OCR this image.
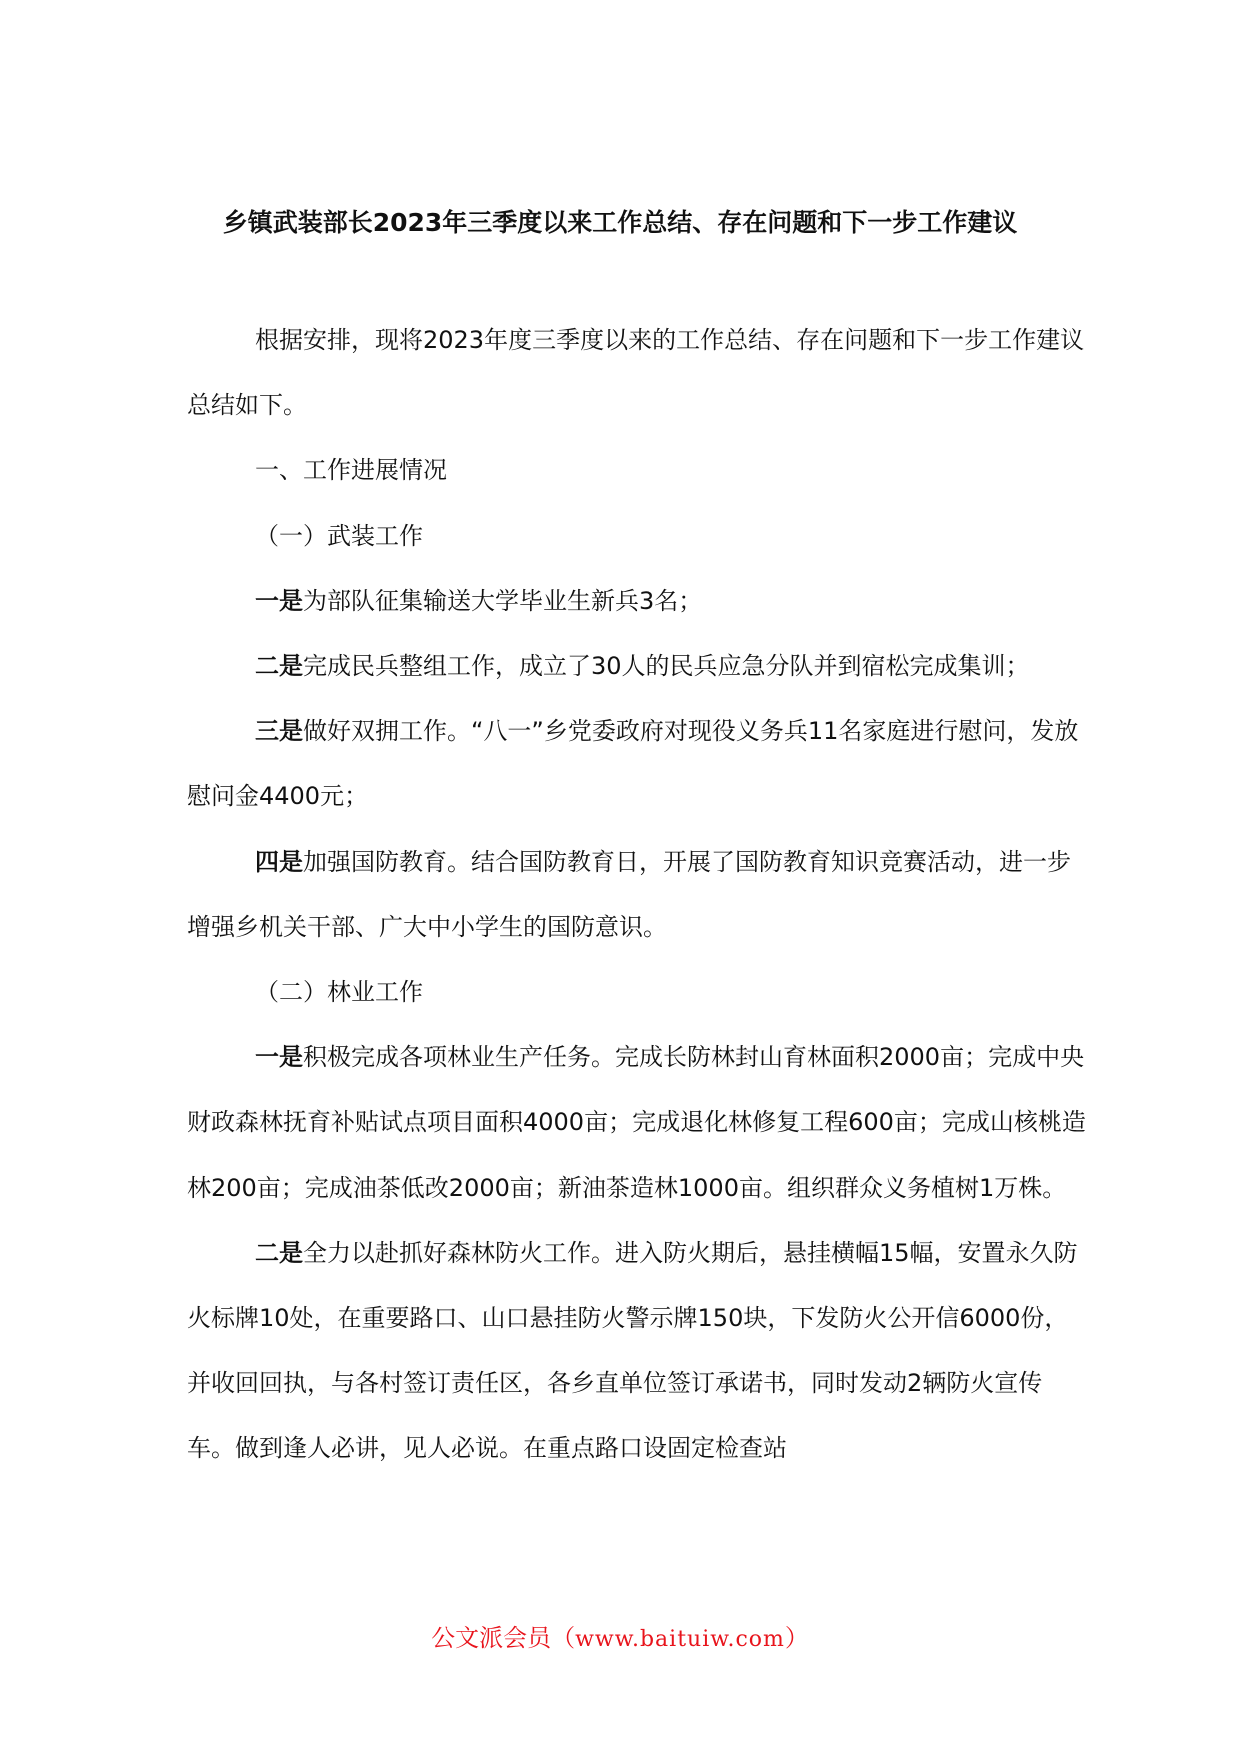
乡镇武装部长2023年三季度以来工作总结、存在问题和下一步工作建议

根据安排，现将2023年度三季度以来的工作总结、存在问题和下一步工作建议总结如下。

一、工作进展情况

（一）武装工作

一是为部队征集输送大学毕业生新兵3名；

二是完成民兵整组工作，成立了30人的民兵应急分队并到宿松完成集训；

三是做好双拥工作。“八一”乡党委政府对现役义务兵11名家庭进行慰问，发放慰问金4400元；

四是加强国防教育。结合国防教育日，开展了国防教育知识竞赛活动，进一步增强乡机关干部、广大中小学生的国防意识。

（二）林业工作

一是积极完成各项林业生产任务。完成长防林封山育林面积2000亩；完成中央财政森林抚育补贴试点项目面积4000亩；完成退化林修复工程600亩；完成山核桃造林200亩；完成油茶低改2000亩；新油茶造林1000亩。组织群众义务植树1万株。

二是全力以赴抓好森林防火工作。进入防火期后，悬挂横幅15幅，安置永久防火标牌10处，在重要路口、山口悬挂防火警示牌150块，下发防火公开信6000份，并收回回执，与各村签订责任区，各乡直单位签订承诺书，同时发动2辆防火宣传车。做到逢人必讲，见人必说。在重点路口设固定检查站

公文派会员（www.baituiw.com）
